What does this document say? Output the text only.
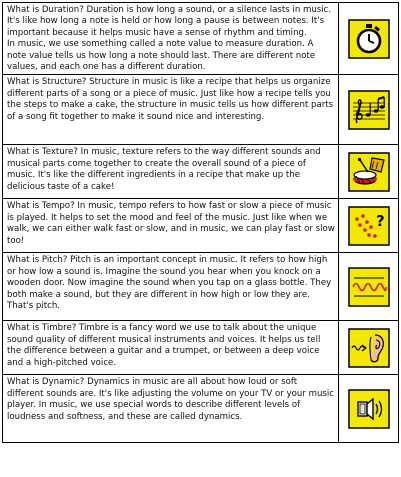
What is Duration? Duration is how long a sound, or a silence lasts in music. It's like how long a note is held or how long a pause is between notes. It's important because it helps music have a sense of rhythm and timing.
In music, we use something called a note value to measure duration. A note value tells us how long a note should last. There are different note values, and each one has a different duration.

What is Structure? Structure in music is like a recipe that helps us organize different parts of a song or a piece of music. Just like how a recipe tells you the steps to make a cake, the structure in music tells us how different parts of a song fit together to make it sound nice and interesting.

What is Texture? In music, texture refers to the way different sounds and musical parts come together to create the overall sound of a piece of music. It's like the different ingredients in a recipe that make up the delicious taste of a cake!

What is Tempo? In music, tempo refers to how fast or slow a piece of music is played. It helps to set the mood and feel of the music. Just like when we walk, we can either walk fast or slow, and in music, we can play fast or slow too!	?

What is Pitch? Pitch is an important concept in music. It refers to how high or how low a sound is. Imagine the sound you hear when you knock on a wooden door. Now imagine the sound when you tap on a glass bottle. They both make a sound, but they are different in how high or low they are. That's pitch.

What is Timbre? Timbre is a fancy word we use to talk about the unique sound quality of different musical instruments and voices. It helps us tell the difference between a guitar and a trumpet, or between a deep voice and a high-pitched voice.

What is Dynamic? Dynamics in music are all about how loud or soft different sounds are. It's like adjusting the volume on your TV or your music player. In music, we use special words to describe different levels of loudness and softness, and these are called dynamics.
